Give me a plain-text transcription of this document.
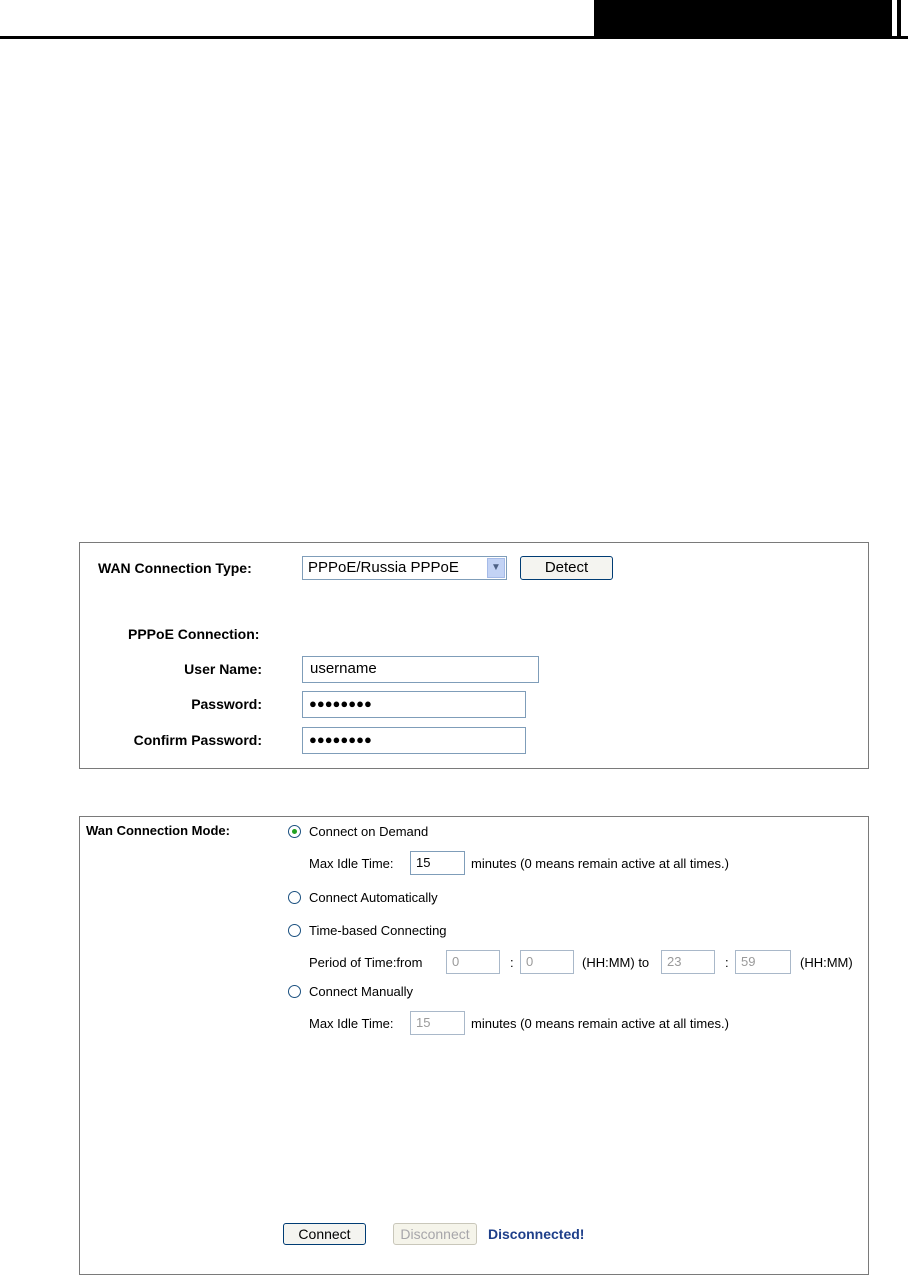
WAN Connection Type:	PPPoE/Russia PPPoE	▼	Detect
PPPoE Connection:
User Name:	username
Password:	●●●●●●●●
Confirm Password:	●●●●●●●●
Wan Connection Mode:	Connect on Demand
Max Idle Time:	15	minutes (0 means remain active at all times.)
Connect Automatically
Time-based Connecting
Period of Time:from	0	: 0	(HH:MM) to	23	: 59	(HH:MM)
Connect Manually
Max Idle Time:	15	minutes (0 means remain active at all times.)
Connect	Disconnect	Disconnected!
